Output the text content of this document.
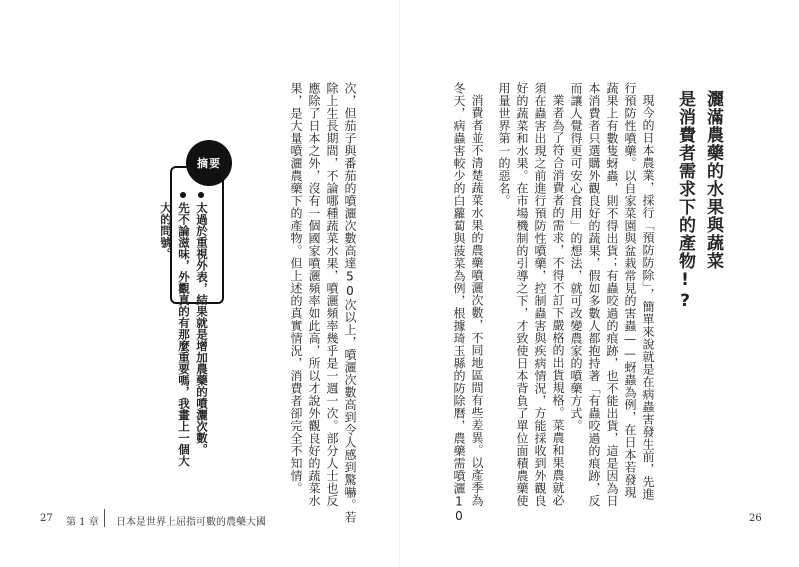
灑滿農藥的水果與蔬菜
是消費者需求下的產物!?
現今的日本農業，採行「預防防除」，簡單來說就是在病蟲害發生前，先進
行預防性噴藥。以自家菜園與盆栽常見的害蟲——蚜蟲為例，在日本若發現
蔬果上有數隻蚜蟲，則不得出貨；有蟲咬過的痕跡，也不能出貨，這是因為日
本消費者只選購外觀良好的蔬果，假如多數人都抱持著「有蟲咬過的痕跡，反
而讓人覺得更可安心食用」的想法，就可改變農家的噴藥方式。
業者為了符合消費者的需求，不得不訂下嚴格的出貨規格。菜農和果農就必
須在蟲害出現之前進行預防性噴藥，控制蟲害與疾病情況，方能採收到外觀良
好的蔬菜和水果。在市場機制的引導之下，才致使日本背負了單位面積農藥使
用量世界第一的惡名。
消費者並不清楚蔬菜水果的農藥噴灑次數，不同地區間有些差異。以產季為
冬天，病蟲害較少的白蘿蔔與菠菜為例，根據琦玉縣的防除曆，農藥需噴灑10	26
次，但茄子與番茄的噴灑次數高達50次以上，噴灑次數高到令人感到驚嚇。若
除上生長期間，不論哪種蔬菜水果，噴灑頻率幾乎是一週一次。部分人士也反
應除了日本之外，沒有一個國家噴灑頻率如此高，所以才說外觀良好的蔬菜水
果，是大量噴灑農藥下的產物。但上述的真實情況，消費者卻完全不知情。
摘要
太過於重視外表，結果就是增加農藥的噴灑次數。
先不論滋味，外觀真的有那麼重要嗎，我畫上一個大
大的問號。
27 第 1 章 日本是世界上屈指可數的農藥大國
